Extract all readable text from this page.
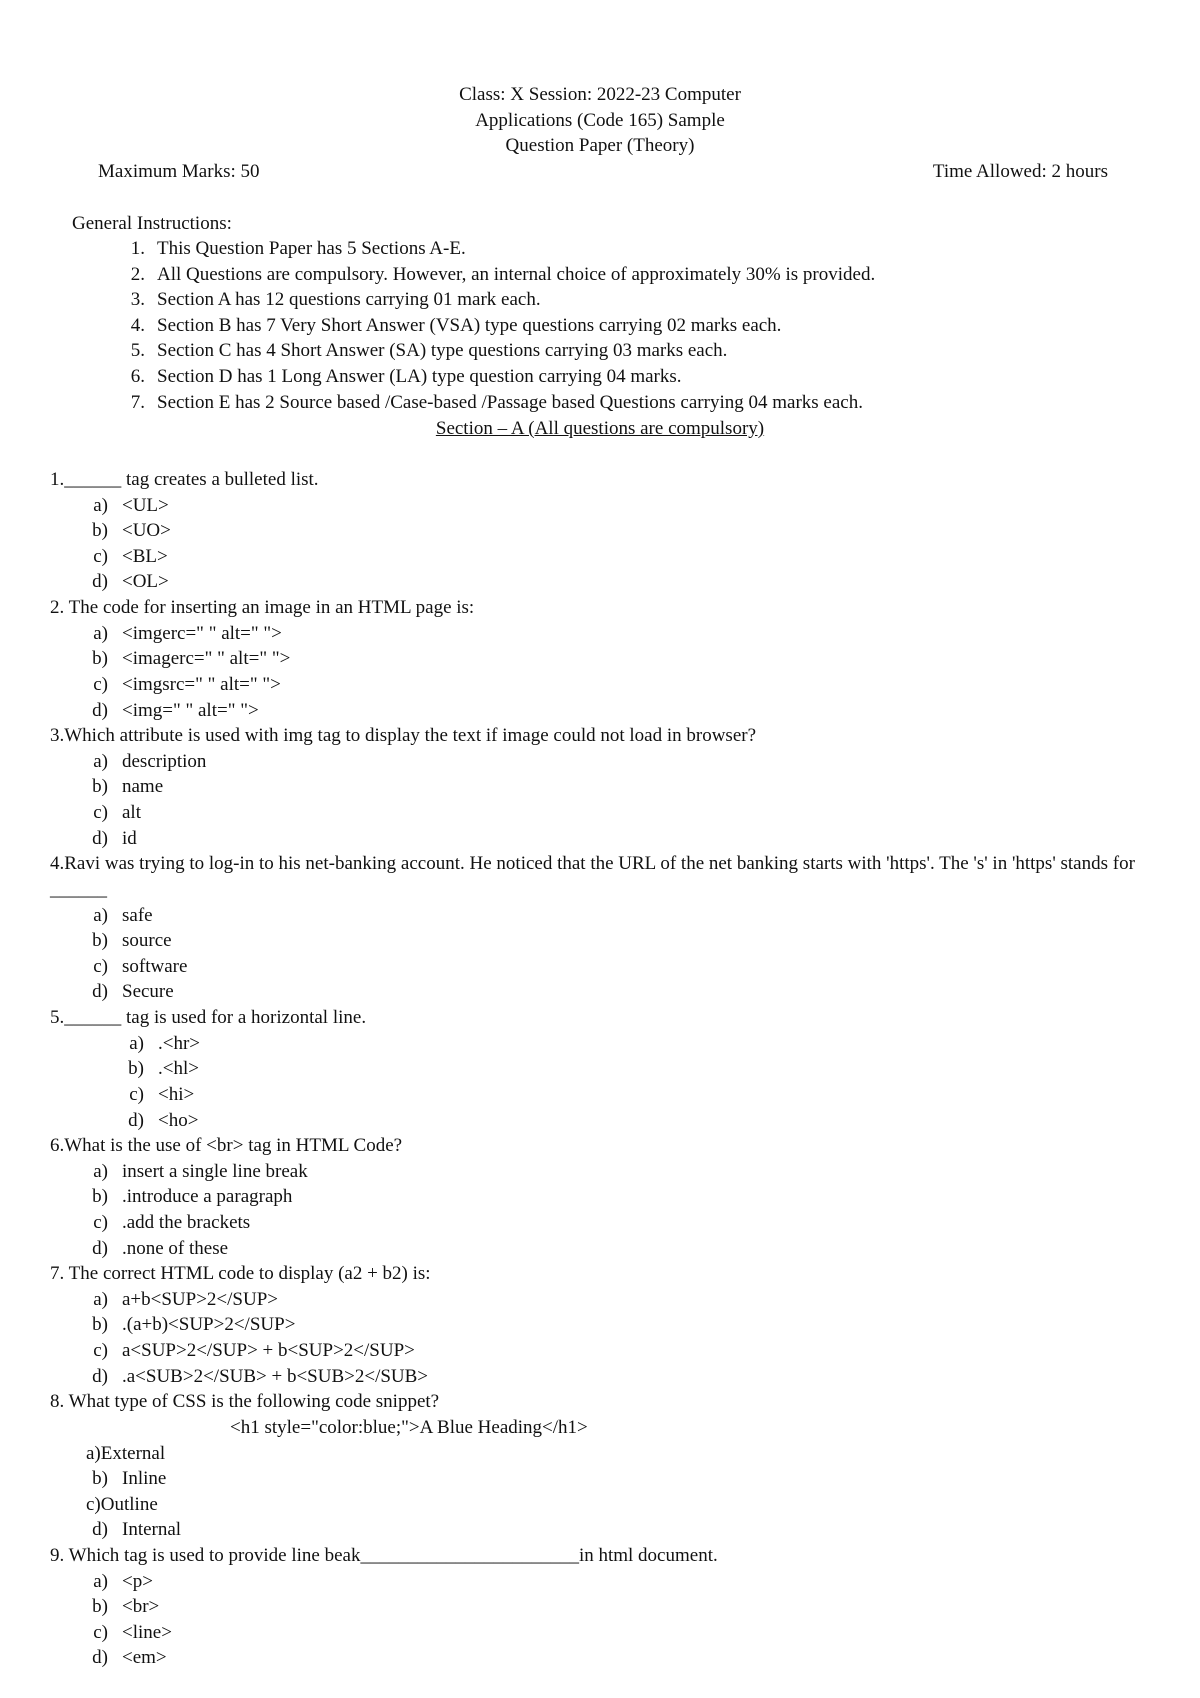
Class: X Session: 2022-23 Computer
Applications (Code 165) Sample
Question Paper (Theory)
Maximum Marks: 50	Time Allowed: 2 hours
General Instructions:
1. This Question Paper has 5 Sections A-E.
2. All Questions are compulsory. However, an internal choice of approximately 30% is provided.
3. Section A has 12 questions carrying 01 mark each.
4. Section B has 7 Very Short Answer (VSA) type questions carrying 02 marks each.
5. Section C has 4 Short Answer (SA) type questions carrying 03 marks each.
6. Section D has 1 Long Answer (LA) type question carrying 04 marks.
7. Section E has 2 Source based /Case-based /Passage based Questions carrying 04 marks each.
Section – A (All questions are compulsory)
1.______ tag creates a bulleted list.
a) <UL>
b) <UO>
c) <BL>
d) <OL>
2. The code for inserting an image in an HTML page is:
a) <imgerc=" " alt=" ">
b) <imagerc=" " alt=" ">
c) <imgsrc=" " alt=" ">
d) <img=" " alt=" ">
3.Which attribute is used with img tag to display the text if image could not load in browser?
a) description
b) name
c) alt
d) id
4.Ravi was trying to log-in to his net-banking account. He noticed that the URL of the net banking starts with 'https'. The 's' in 'https' stands for ______
a) safe
b) source
c) software
d) Secure
5.______ tag is used for a horizontal line.
a) .<hr>
b) .<hl>
c) <hi>
d) <ho>
6.What is the use of <br> tag in HTML Code?
a) insert a single line break
b) .introduce a paragraph
c) .add the brackets
d) .none of these
7. The correct HTML code to display (a2 + b2) is:
a) a+b<SUP>2</SUP>
b) .(a+b)<SUP>2</SUP>
c) a<SUP>2</SUP> + b<SUP>2</SUP>
d) .a<SUB>2</SUB> + b<SUB>2</SUB>
8. What type of CSS is the following code snippet?
<h1 style="color:blue;">A Blue Heading</h1>
a)External
b) Inline
c)Outline
d) Internal
9. Which tag is used to provide line beak_______________________in html document.
a) <p>
b) <br>
c) <line>
d) <em>
